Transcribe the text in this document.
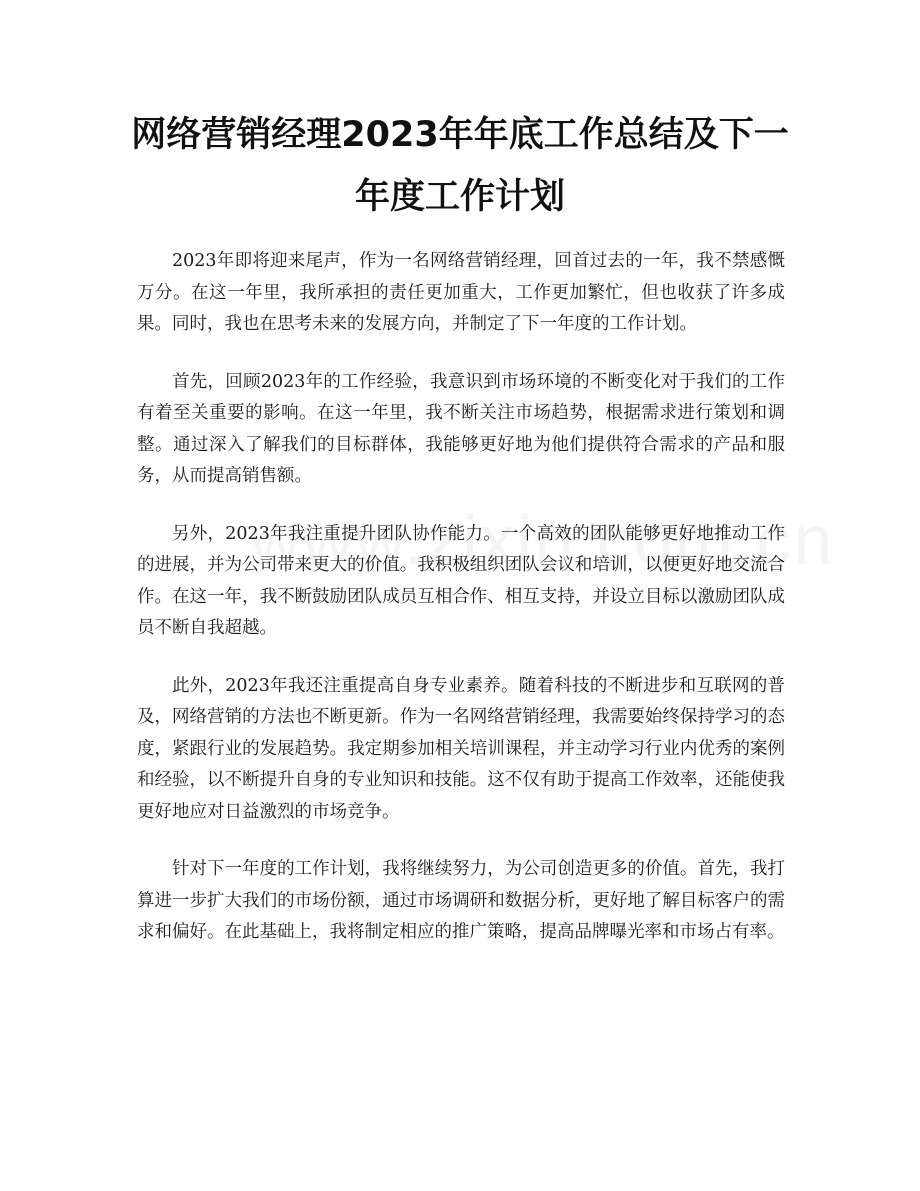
网络营销经理2023年年底工作总结及下一年度工作计划

2023年即将迎来尾声，作为一名网络营销经理，回首过去的一年，我不禁感慨万分。在这一年里，我所承担的责任更加重大，工作更加繁忙，但也收获了许多成果。同时，我也在思考未来的发展方向，并制定了下一年度的工作计划。

首先，回顾2023年的工作经验，我意识到市场环境的不断变化对于我们的工作有着至关重要的影响。在这一年里，我不断关注市场趋势，根据需求进行策划和调整。通过深入了解我们的目标群体，我能够更好地为他们提供符合需求的产品和服务，从而提高销售额。

另外，2023年我注重提升团队协作能力。一个高效的团队能够更好地推动工作的进展，并为公司带来更大的价值。我积极组织团队会议和培训，以便更好地交流合作。在这一年，我不断鼓励团队成员互相合作、相互支持，并设立目标以激励团队成员不断自我超越。

此外，2023年我还注重提高自身专业素养。随着科技的不断进步和互联网的普及，网络营销的方法也不断更新。作为一名网络营销经理，我需要始终保持学习的态度，紧跟行业的发展趋势。我定期参加相关培训课程，并主动学习行业内优秀的案例和经验，以不断提升自身的专业知识和技能。这不仅有助于提高工作效率，还能使我更好地应对日益激烈的市场竞争。

针对下一年度的工作计划，我将继续努力，为公司创造更多的价值。首先，我打算进一步扩大我们的市场份额，通过市场调研和数据分析，更好地了解目标客户的需求和偏好。在此基础上，我将制定相应的推广策略，提高品牌曝光率和市场占有率。
